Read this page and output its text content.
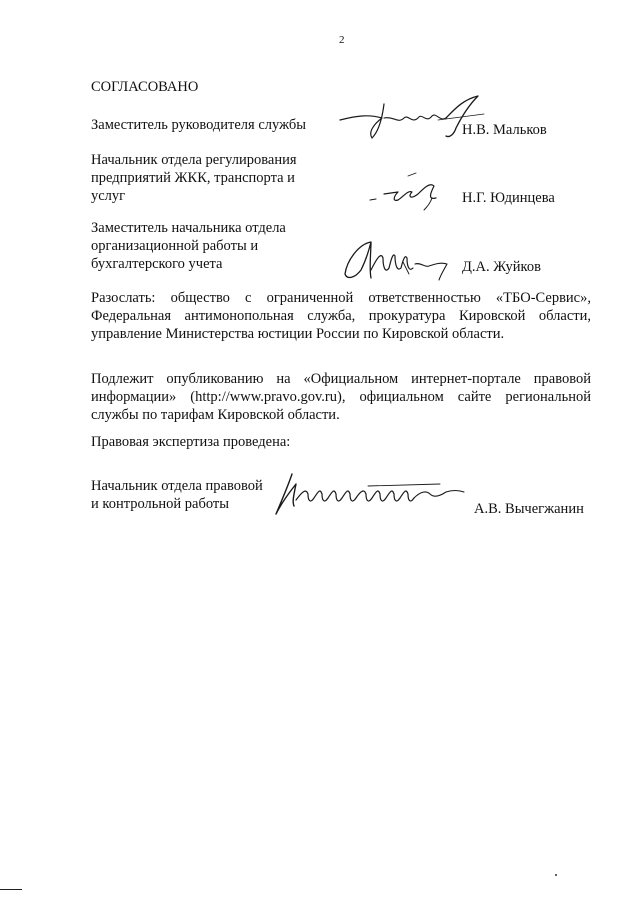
2
СОГЛАСОВАНО
Заместитель руководителя службы	Н.В. Мальков
Начальник отдела регулирования
предприятий ЖКК, транспорта и
услуг	Н.Г. Юдинцева
Заместитель начальника отдела
организационной работы и
бухгалтерского учета	Д.А. Жуйков
Разослать: общество с ограниченной ответственностью «ТБО-Сервис», Федеральная антимонопольная служба, прокуратура Кировской области, управление Министерства юстиции России по Кировской области.
Подлежит опубликованию на «Официальном интернет-портале правовой информации» (http://www.pravo.gov.ru), официальном сайте региональной службы по тарифам Кировской области.
Правовая экспертиза проведена:
Начальник отдела правовой
и контрольной работы	А.В. Вычегжанин
